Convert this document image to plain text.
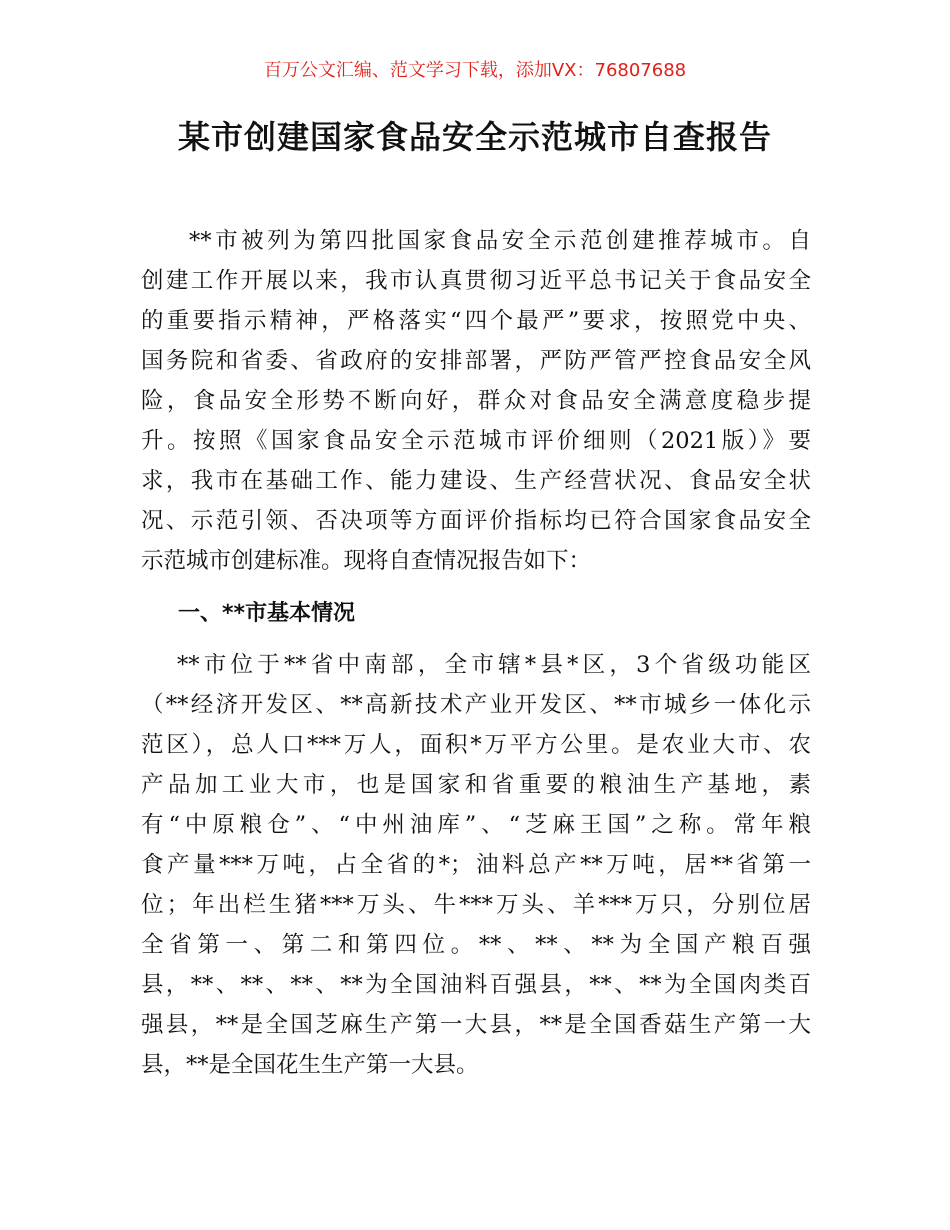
百万公文汇编、范文学习下载，添加VX：76807688
某市创建国家食品安全示范城市自查报告
**市被列为第四批国家食品安全示范创建推荐城市。自
创建工作开展以来，我市认真贯彻习近平总书记关于食品安全
的重要指示精神，严格落实“四个最严”要求，按照党中央、
国务院和省委、省政府的安排部署，严防严管严控食品安全风
险，食品安全形势不断向好，群众对食品安全满意度稳步提
升。按照《国家食品安全示范城市评价细则（2021版）》要
求，我市在基础工作、能力建设、生产经营状况、食品安全状
况、示范引领、否决项等方面评价指标均已符合国家食品安全
示范城市创建标准。现将自查情况报告如下：
一、**市基本情况
**市位于**省中南部，全市辖*县*区，3个省级功能区
（**经济开发区、**高新技术产业开发区、**市城乡一体化示
范区），总人口***万人，面积*万平方公里。是农业大市、农
产品加工业大市，也是国家和省重要的粮油生产基地，素
有“中原粮仓”、“中州油库”、“芝麻王国”之称。常年粮
食产量***万吨，占全省的*；油料总产**万吨，居**省第一
位；年出栏生猪***万头、牛***万头、羊***万只，分别位居
全省第一、第二和第四位。**、**、**为全国产粮百强
县，**、**、**、**为全国油料百强县，**、**为全国肉类百
强县，**是全国芝麻生产第一大县，**是全国香菇生产第一大
县，**是全国花生生产第一大县。
